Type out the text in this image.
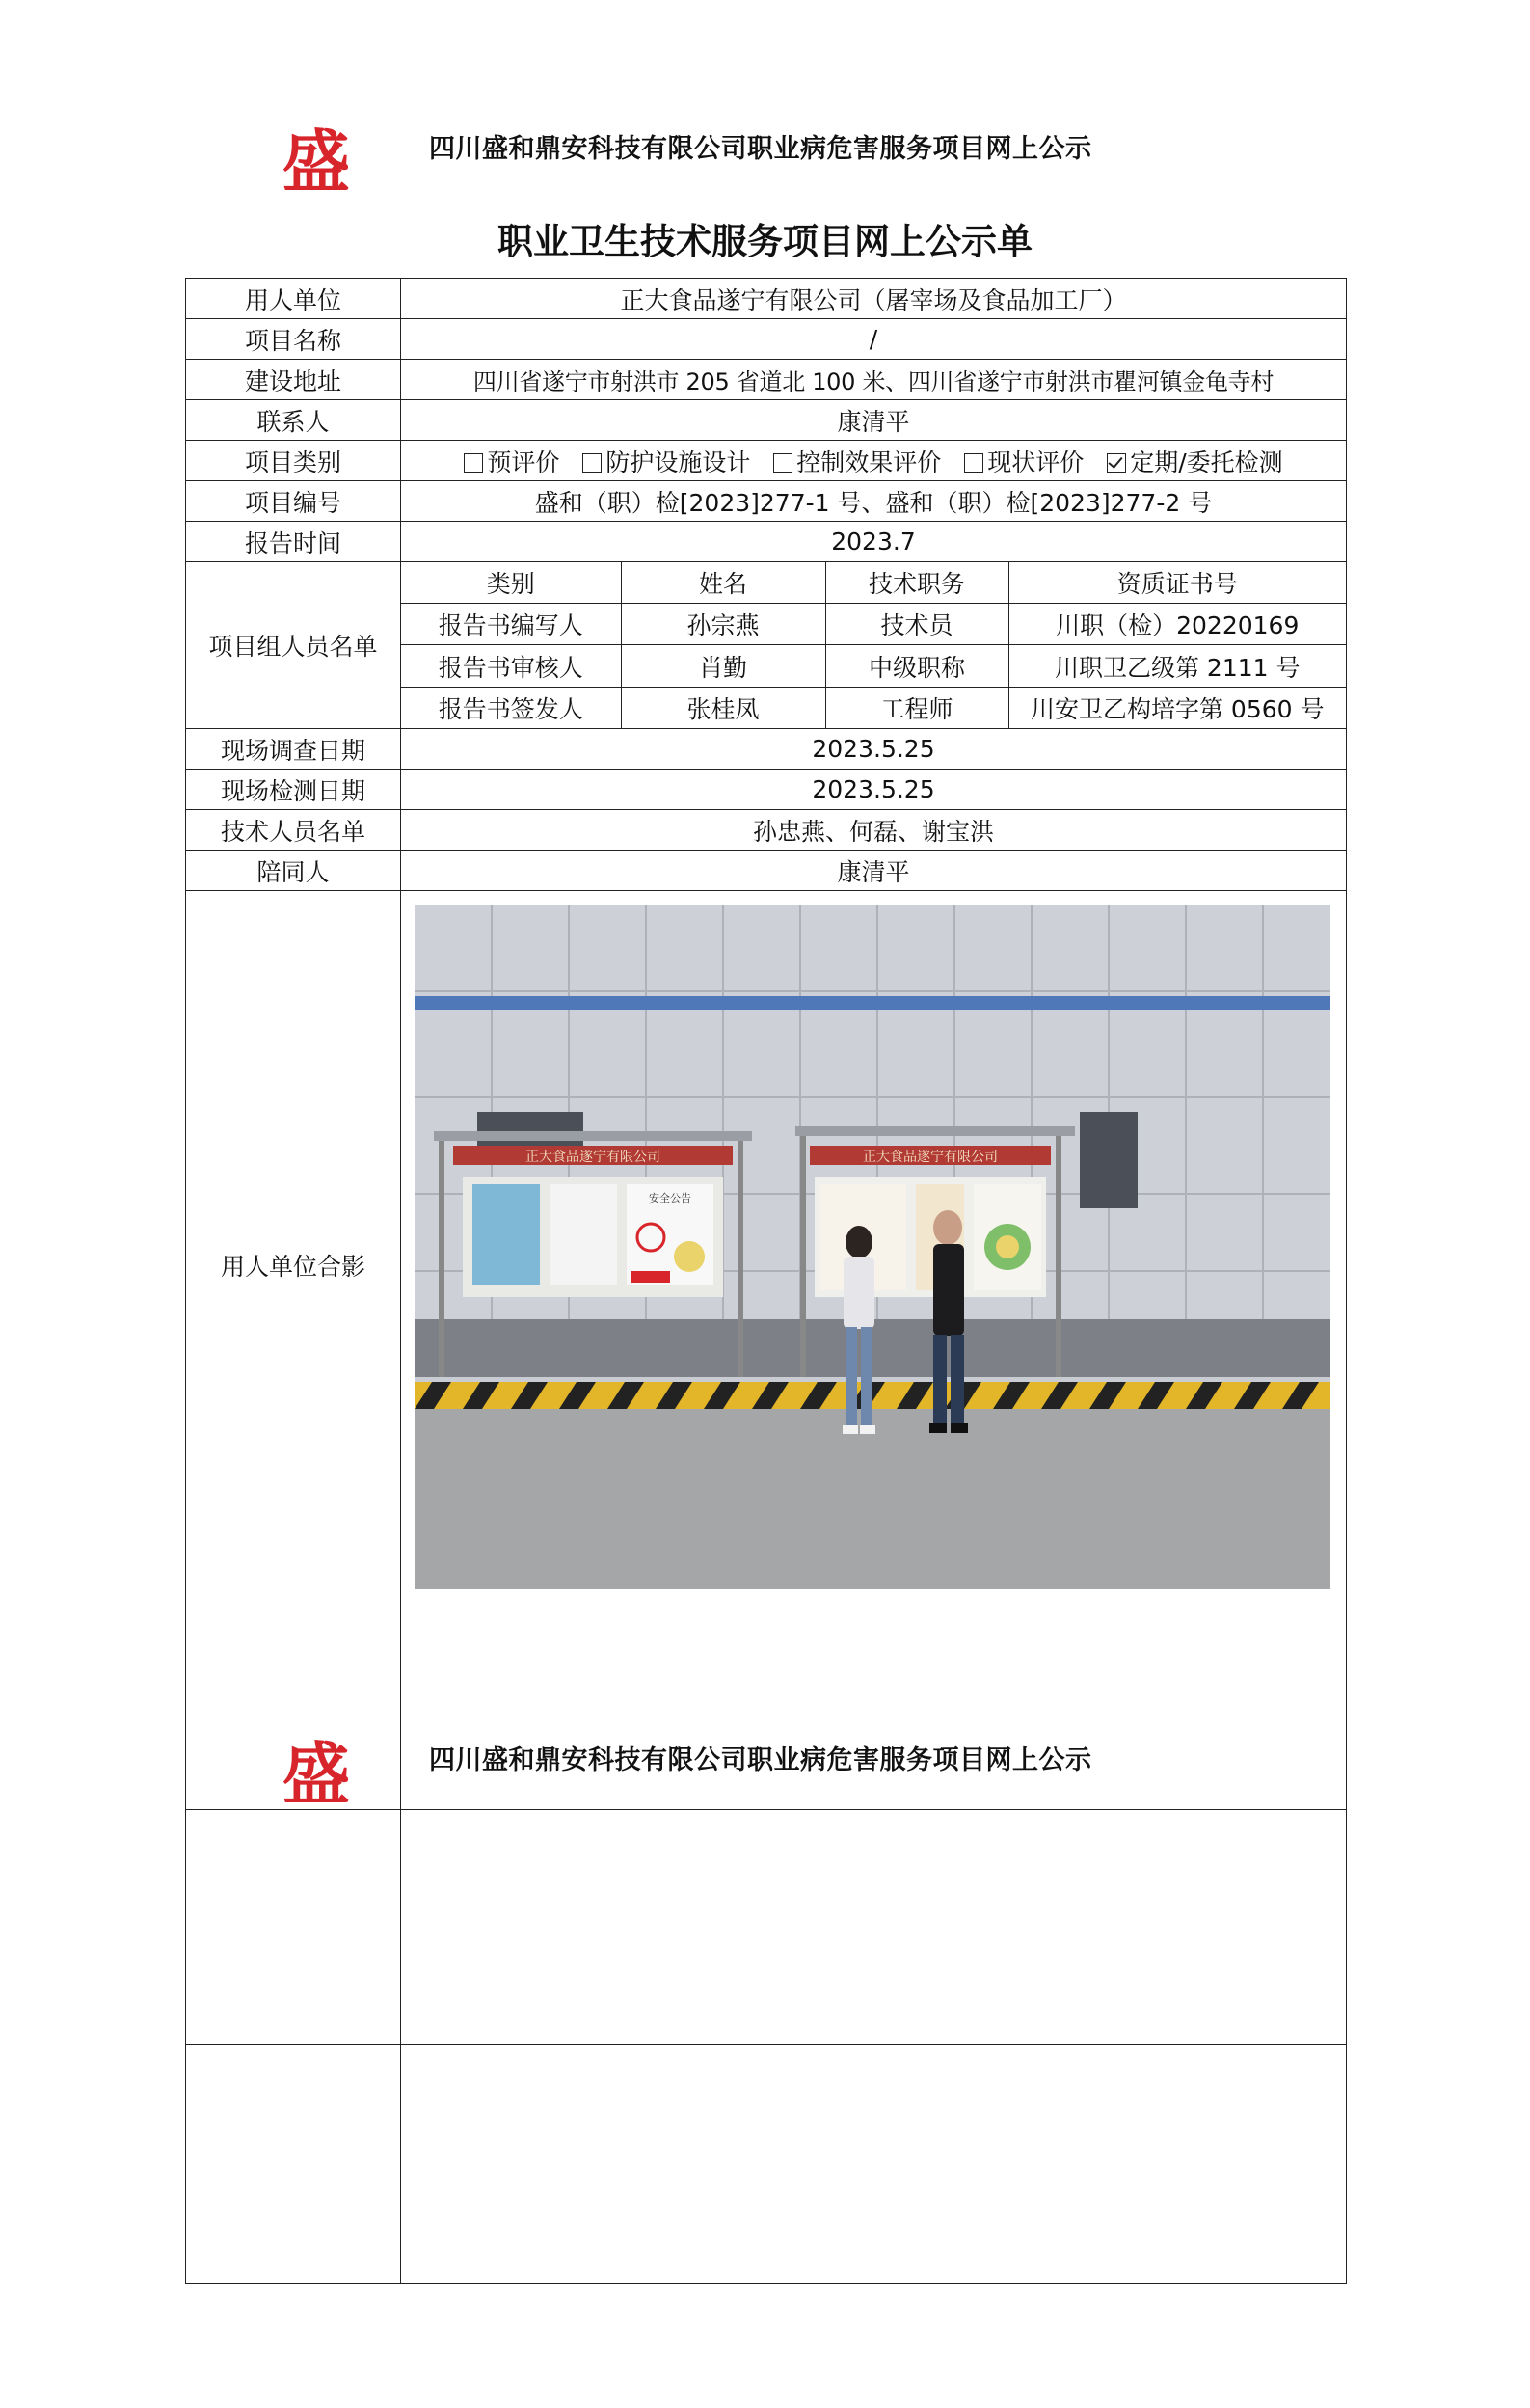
盛	四川盛和鼎安科技有限公司职业病危害服务项目网上公示
职业卫生技术服务项目网上公示单
用人单位	正大食品遂宁有限公司（屠宰场及食品加工厂）
项目名称	/
建设地址	四川省遂宁市射洪市 205 省道北 100 米、四川省遂宁市射洪市瞿河镇金龟寺村
联系人	康清平
项目类别	预评价 防护设施设计 控制效果评价 现状评价 定期/委托检测
项目编号	盛和（职）检[2023]277-1 号、盛和（职）检[2023]277-2 号
报告时间	2023.7
项目组人员名单	
类别	姓名	技术职务	资质证书号
报告书编写人	孙宗燕	技术员	川职（检）20220169
报告书审核人	肖勤	中级职称	川职卫乙级第 2111 号
报告书签发人	张桂凤	工程师	川安卫乙构培字第 0560 号

现场调查日期	2023.5.25
现场检测日期	2023.5.25
技术人员名单	孙忠燕、何磊、谢宝洪
陪同人	康清平
用人单位合影	
正大食品遂宁有限公司
安全公告
正大食品遂宁有限公司
盛	四川盛和鼎安科技有限公司职业病危害服务项目网上公示
